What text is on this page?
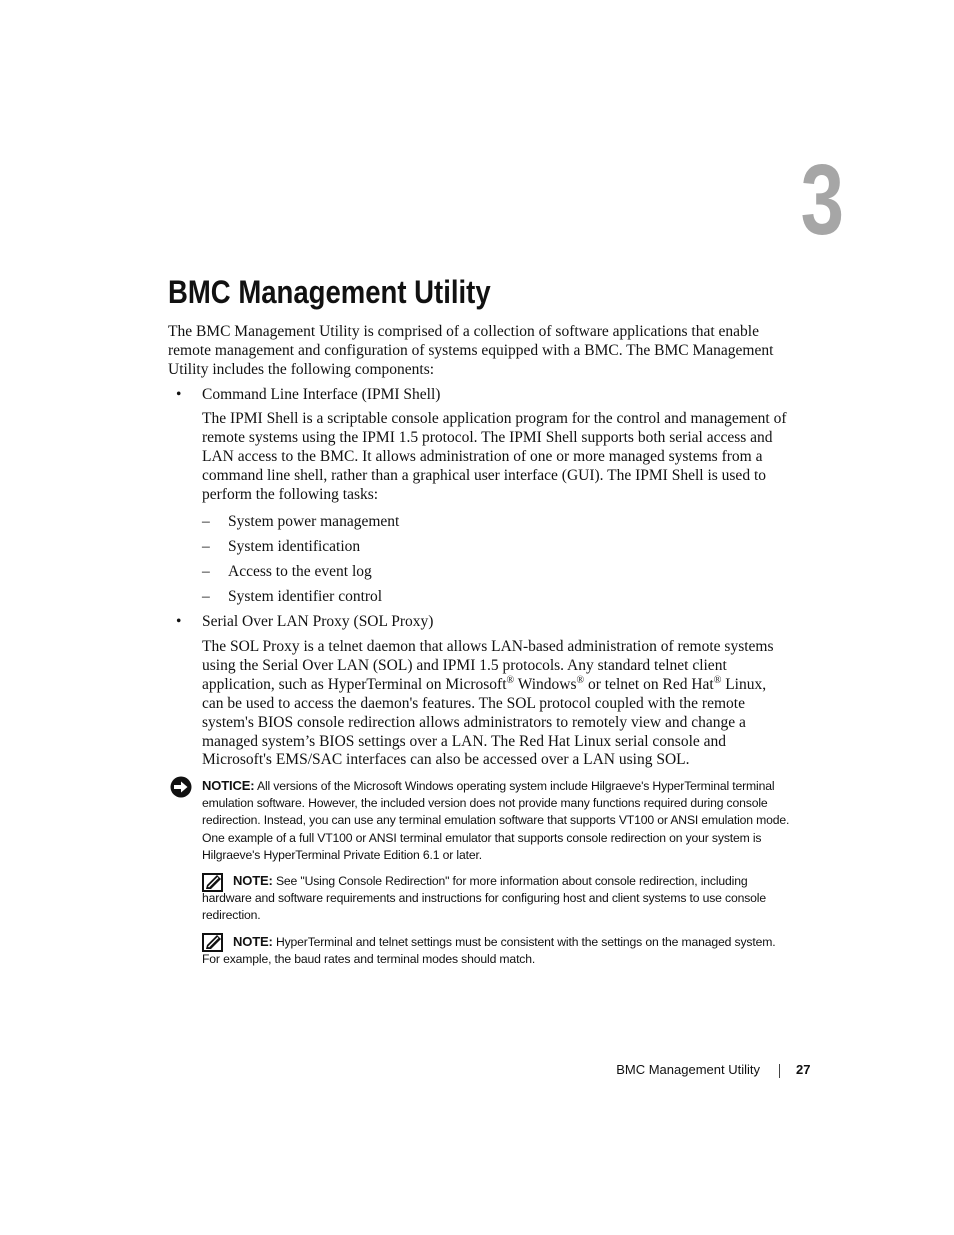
3
BMC Management Utility

The BMC Management Utility is comprised of a collection of software applications that enable remote management and configuration of systems equipped with a BMC. The BMC Management Utility includes the following components:

• Command Line Interface (IPMI Shell)

The IPMI Shell is a scriptable console application program for the control and management of remote systems using the IPMI 1.5 protocol. The IPMI Shell supports both serial access and LAN access to the BMC. It allows administration of one or more managed systems from a command line shell, rather than a graphical user interface (GUI). The IPMI Shell is used to perform the following tasks:

– System power management
– System identification
– Access to the event log
– System identifier control
• Serial Over LAN Proxy (SOL Proxy)

The SOL Proxy is a telnet daemon that allows LAN-based administration of remote systems using the Serial Over LAN (SOL) and IPMI 1.5 protocols. Any standard telnet client application, such as HyperTerminal on Microsoft® Windows® or telnet on Red Hat® Linux, can be used to access the daemon's features. The SOL protocol coupled with the remote system's BIOS console redirection allows administrators to remotely view and change a managed system’s BIOS settings over a LAN. The Red Hat Linux serial console and Microsoft's EMS/SAC interfaces can also be accessed over a LAN using SOL.

NOTICE: All versions of the Microsoft Windows operating system include Hilgraeve's HyperTerminal terminal emulation software. However, the included version does not provide many functions required during console redirection. Instead, you can use any terminal emulation software that supports VT100 or ANSI emulation mode. One example of a full VT100 or ANSI terminal emulator that supports console redirection on your system is Hilgraeve's HyperTerminal Private Edition 6.1 or later.

NOTE: See "Using Console Redirection" for more information about console redirection, including hardware and software requirements and instructions for configuring host and client systems to use console redirection.

NOTE: HyperTerminal and telnet settings must be consistent with the settings on the managed system. For example, the baud rates and terminal modes should match.

BMC Management Utility	27
